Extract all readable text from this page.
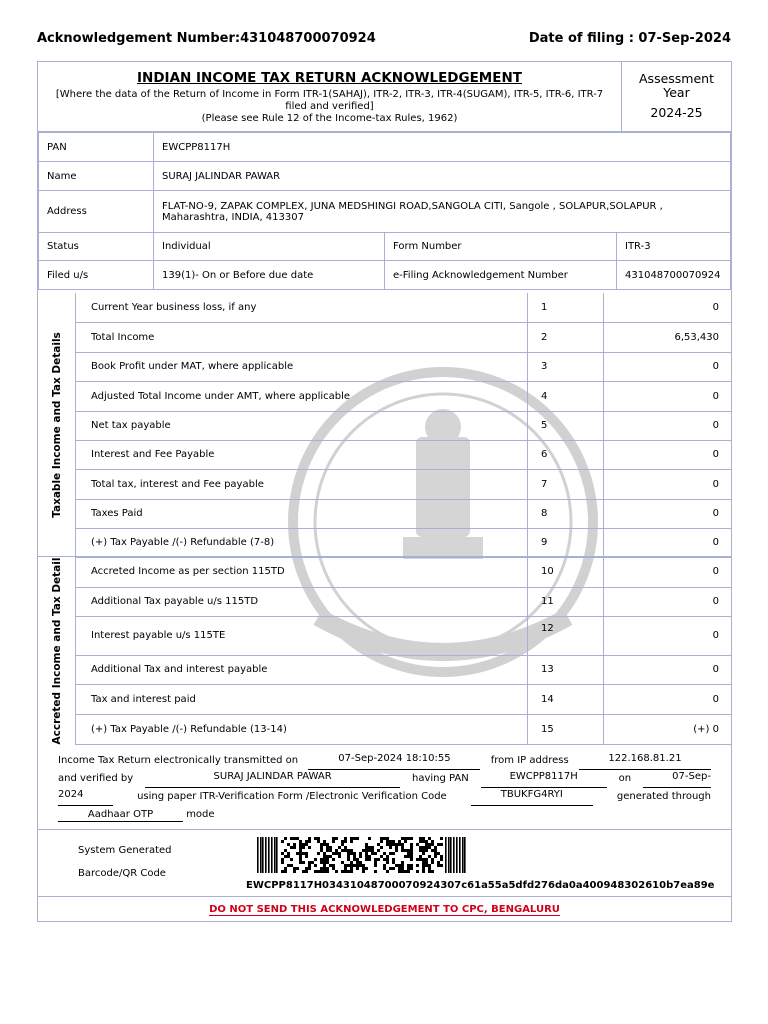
Acknowledgement Number:431048700070924	Date of filing : 07-Sep-2024
INDIAN INCOME TAX RETURN ACKNOWLEDGEMENT
[Where the data of the Return of Income in Form ITR-1(SAHAJ), ITR-2, ITR-3, ITR-4(SUGAM), ITR-5, ITR-6, ITR-7 filed and verified]
(Please see Rule 12 of the Income-tax Rules, 1962)
Assessment Year
2024-25
PAN	EWCPP8117H		
Name	SURAJ JALINDAR PAWAR		
Address	FLAT-NO-9, ZAPAK COMPLEX, JUNA MEDSHINGI ROAD,SANGOLA CITI, Sangole , SOLAPUR,SOLAPUR , Maharashtra, INDIA, 413307		
Status	Individual	Form Number	ITR-3
Filed u/s	139(1)- On or Before due date	e-Filing Acknowledgement Number	431048700070924
Taxable Income and Tax Details
Current Year business loss, if any	1	0
Total Income	2	6,53,430
Book Profit under MAT, where applicable	3	0
Adjusted Total Income under AMT, where applicable	4	0
Net tax payable	5	0
Interest and Fee Payable	6	0
Total tax, interest and Fee payable	7	0
Taxes Paid	8	0
(+) Tax Payable /(-) Refundable (7-8)	9	0
Accreted Income and Tax Detail	Accreted Income as per section 115TD	10	0
Additional Tax payable u/s 115TD	11	0
Interest payable u/s 115TE	12	0
Additional Tax and interest payable	13	0
Tax and interest paid	14	0
(+) Tax Payable /(-) Refundable (13-14)	15	(+) 0
Income Tax Return electronically transmitted on	07-Sep-2024 18:10:55	from IP address	122.168.81.21
and verified by	SURAJ JALINDAR PAWAR	having PAN	EWCPP8117H	on	07-Sep-
2024	using paper ITR-Verification Form /Electronic Verification Code	TBUKFG4RYI	generated through
Aadhaar OTP	mode
System Generated
Barcode/QR Code
EWCPP8117H0343104870007092430​7c61a55a5dfd276da0a400948302610b7ea89e
DO NOT SEND THIS ACKNOWLEDGEMENT TO CPC, BENGALURU
